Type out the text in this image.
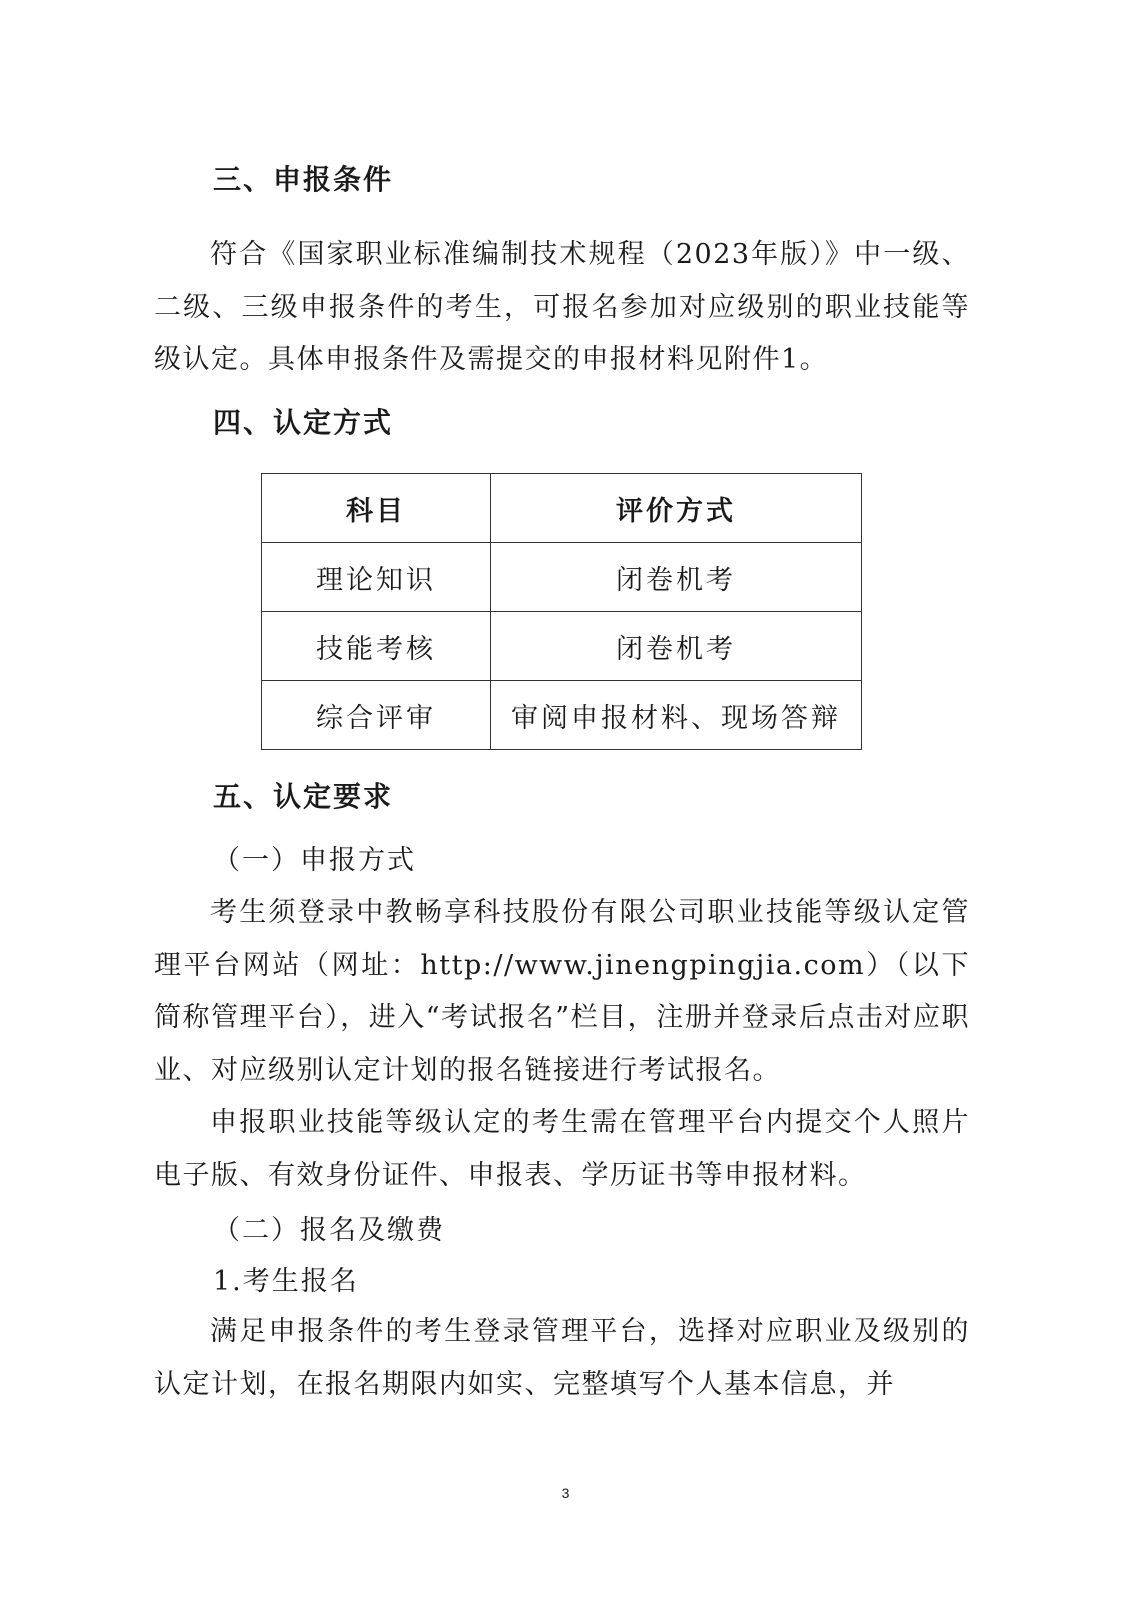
三、申报条件

符合《国家职业标准编制技术规程（2023年版）》中一级、二级、三级申报条件的考生，可报名参加对应级别的职业技能等级认定。具体申报条件及需提交的申报材料见附件1。

四、认定方式
科目	评价方式
理论知识	闭卷机考
技能考核	闭卷机考
综合评审	审阅申报材料、现场答辩
五、认定要求
（一）申报方式

考生须登录中教畅享科技股份有限公司职业技能等级认定管理平台网站（网址：http://www.jinengpingjia.com）（以下简称管理平台），进入“考试报名”栏目，注册并登录后点击对应职业、对应级别认定计划的报名链接进行考试报名。

申报职业技能等级认定的考生需在管理平台内提交个人照片电子版、有效身份证件、申报表、学历证书等申报材料。

（二）报名及缴费
1.考生报名

满足申报条件的考生登录管理平台，选择对应职业及级别的认定计划，在报名期限内如实、完整填写个人基本信息，并

3
